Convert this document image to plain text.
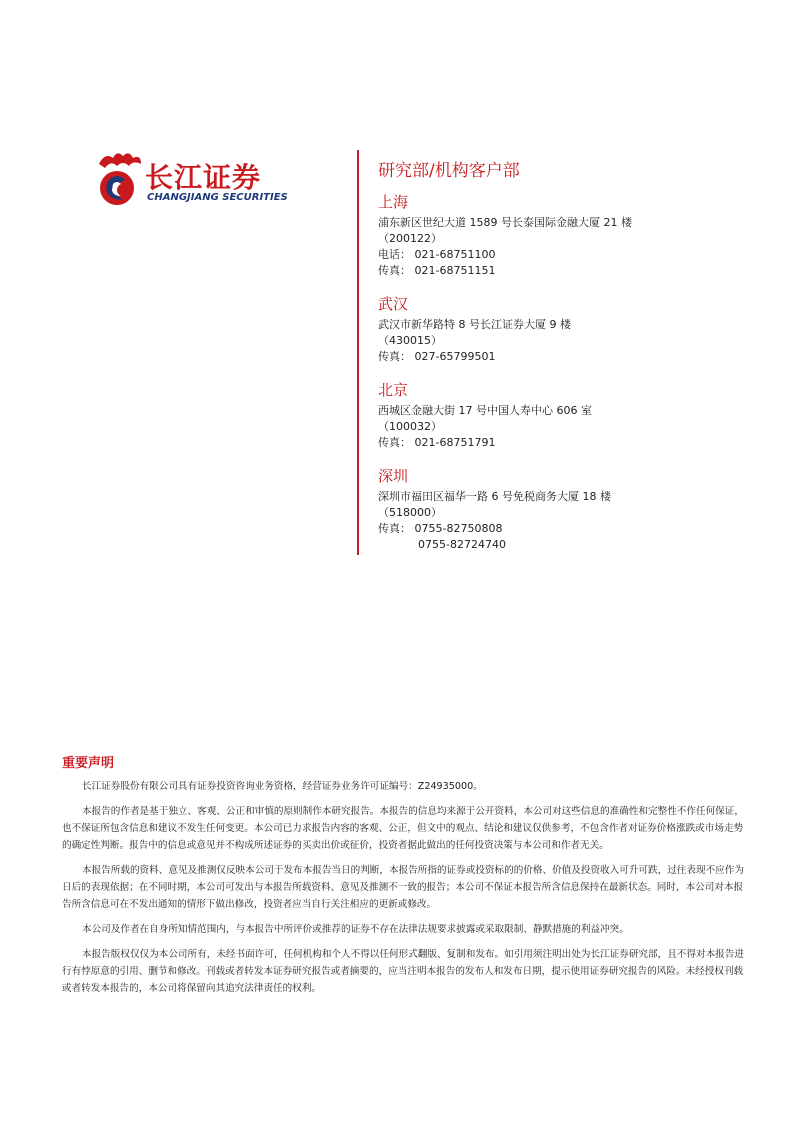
长江证券
CHANGJIANG SECURITIES
研究部/机构客户部
上海
浦东新区世纪大道 1589 号长泰国际金融大厦 21 楼
（200122）
电话： 021-68751100
传真： 021-68751151
武汉
武汉市新华路特 8 号长江证券大厦 9 楼
（430015）
传真： 027-65799501
北京
西城区金融大街 17 号中国人寿中心 606 室
（100032）
传真： 021-68751791
深圳
深圳市福田区福华一路 6 号免税商务大厦 18 楼
（518000）
传真： 0755-82750808
0755-82724740
重要声明

长江证券股份有限公司具有证券投资咨询业务资格，经营证券业务许可证编号：Z24935000。

本报告的作者是基于独立、客观、公正和审慎的原则制作本研究报告。本报告的信息均来源于公开资料，本公司对这些信息的准确性和完整性不作任何保证，也不保证所包含信息和建议不发生任何变更。本公司已力求报告内容的客观、公正，但文中的观点、结论和建议仅供参考，不包含作者对证券价格涨跌或市场走势的确定性判断。报告中的信息或意见并不构成所述证券的买卖出价或征价，投资者据此做出的任何投资决策与本公司和作者无关。

本报告所载的资料、意见及推测仅反映本公司于发布本报告当日的判断，本报告所指的证券或投资标的的价格、价值及投资收入可升可跌，过往表现不应作为日后的表现依据；在不同时期，本公司可发出与本报告所载资料、意见及推测不一致的报告；本公司不保证本报告所含信息保持在最新状态。同时，本公司对本报告所含信息可在不发出通知的情形下做出修改，投资者应当自行关注相应的更新或修改。

本公司及作者在自身所知情范围内，与本报告中所评价或推荐的证券不存在法律法规要求披露或采取限制、静默措施的利益冲突。

本报告版权仅仅为本公司所有，未经书面许可，任何机构和个人不得以任何形式翻版、复制和发布。如引用须注明出处为长江证券研究部，且不得对本报告进行有悖原意的引用、删节和修改。刊载或者转发本证券研究报告或者摘要的，应当注明本报告的发布人和发布日期，提示使用证券研究报告的风险。未经授权刊载或者转发本报告的，本公司将保留向其追究法律责任的权利。
